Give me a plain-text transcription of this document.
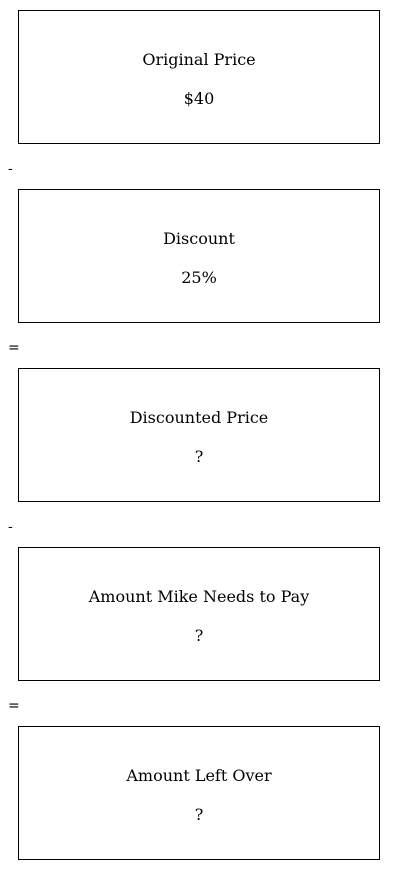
Original Price
$40
-
Discount
25%
=
Discounted Price
?
-
Amount Mike Needs to Pay
?
=
Amount Left Over
?
